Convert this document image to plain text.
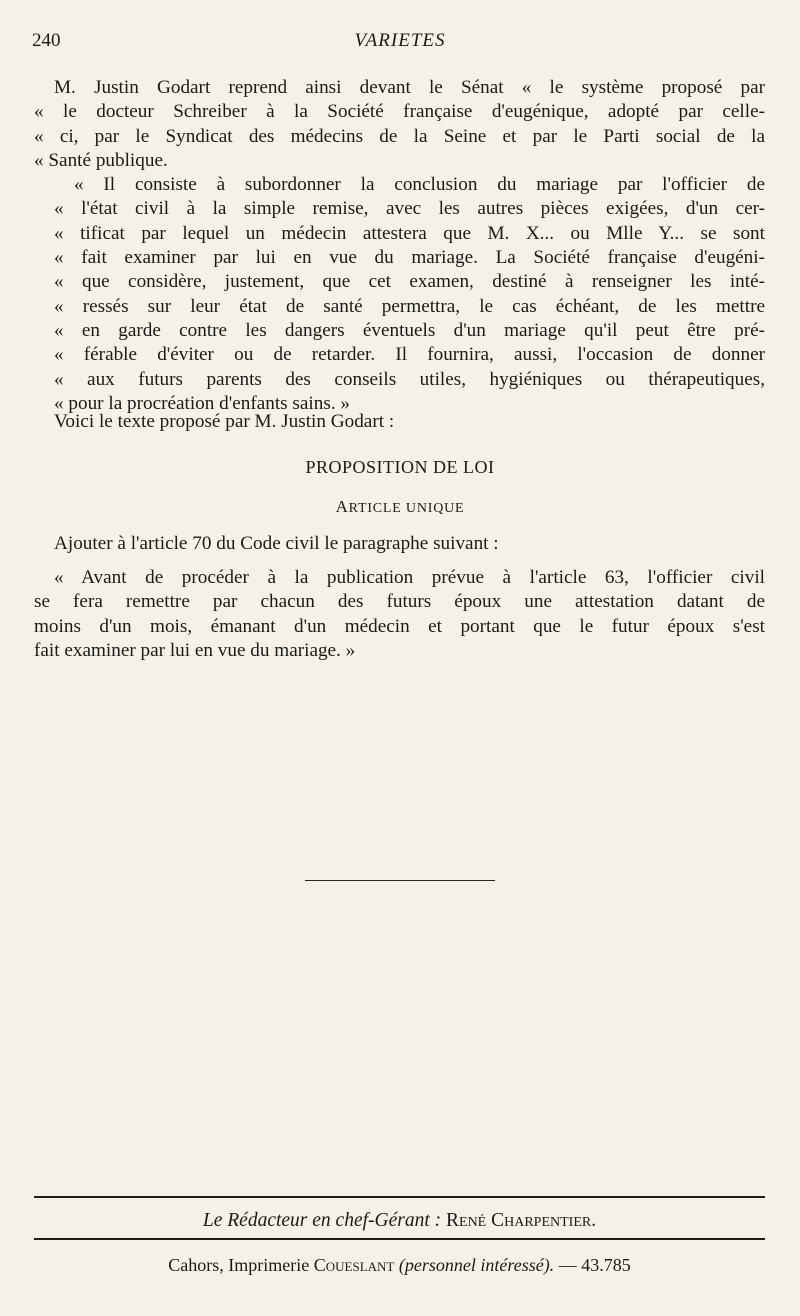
240	VARIETES

M. Justin Godart reprend ainsi devant le Sénat « le système proposé par
« le docteur Schreiber à la Société française d'eugénique, adopté par celle-
« ci, par le Syndicat des médecins de la Seine et par le Parti social de la
« Santé publique.

« Il consiste à subordonner la conclusion du mariage par l'officier de
« l'état civil à la simple remise, avec les autres pièces exigées, d'un cer-
« tificat par lequel un médecin attestera que M. X... ou Mlle Y... se sont
« fait examiner par lui en vue du mariage. La Société française d'eugéni-
« que considère, justement, que cet examen, destiné à renseigner les inté-
« ressés sur leur état de santé permettra, le cas échéant, de les mettre
« en garde contre les dangers éventuels d'un mariage qu'il peut être pré-
« férable d'éviter ou de retarder. Il fournira, aussi, l'occasion de donner
« aux futurs parents des conseils utiles, hygiéniques ou thérapeutiques,
« pour la procréation d'enfants sains. »

Voici le texte proposé par M. Justin Godart :
PROPOSITION DE LOI
ARTICLE UNIQUE
Ajouter à l'article 70 du Code civil le paragraphe suivant :
« Avant de procéder à la publication prévue à l'article 63, l'officier civil
se fera remettre par chacun des futurs époux une attestation datant de
moins d'un mois, émanant d'un médecin et portant que le futur époux s'est
fait examiner par lui en vue du mariage. »
Le Rédacteur en chef-Gérant : René Charpentier.
Cahors, Imprimerie Coueslant (personnel intéressé). — 43.785
